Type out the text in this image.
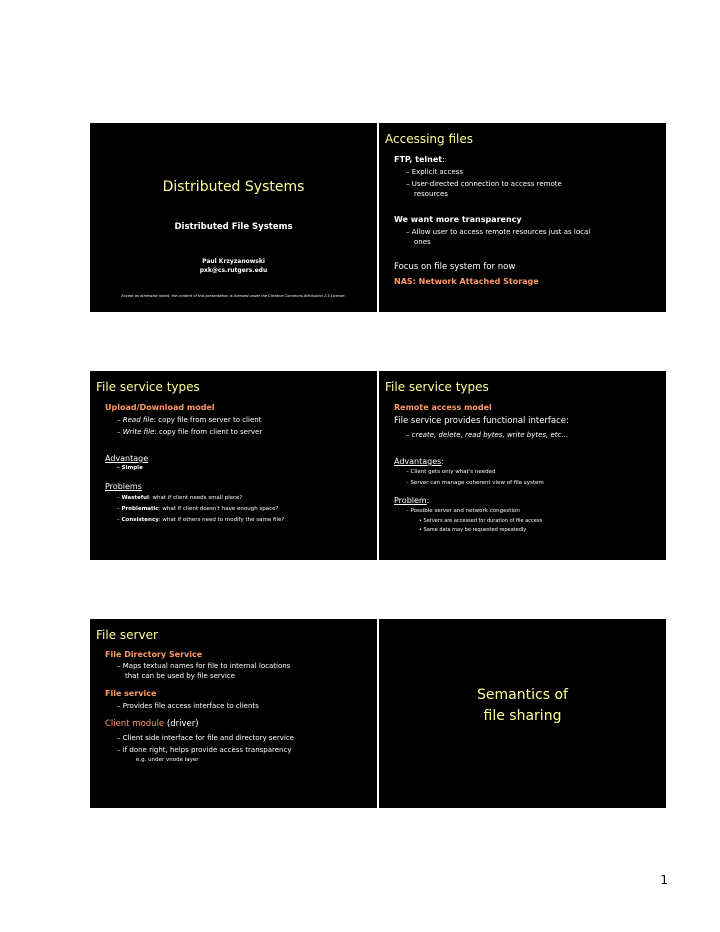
Distributed Systems
Distributed File Systems
Paul Krzyzanowski
pxk@cs.rutgers.edu
Except as otherwise noted, the content of this presentation is licensed under the Creative Commons Attribution 2.5 License.
Accessing files
FTP, telnet:
– Explicit access
– User-directed connection to access remote
resources
We want more transparency
– Allow user to access remote resources just as local
ones
Focus on file system for now
NAS: Network Attached Storage
File service types
Upload/Download model
– Read file: copy file from server to client
– Write file: copy file from client to server
Advantage
– Simple
Problems
– Wasteful: what if client needs small piece?
– Problematic: what if client doesn't have enough space?
– Consistency: what if others need to modify the same file?
File service types
Remote access model
File service provides functional interface:
– create, delete, read bytes, write bytes, etc…
Advantages:
– Client gets only what's needed
– Server can manage coherent view of file system
Problem:
– Possible server and network congestion
• Servers are accessed for duration of file access
• Same data may be requested repeatedly
File server
File Directory Service
– Maps textual names for file to internal locations
that can be used by file service
File service
– Provides file access interface to clients
Client module (driver)
– Client side interface for file and directory service
– if done right, helps provide access transparency
e.g. under vnode layer
Semantics of
file sharing
1
